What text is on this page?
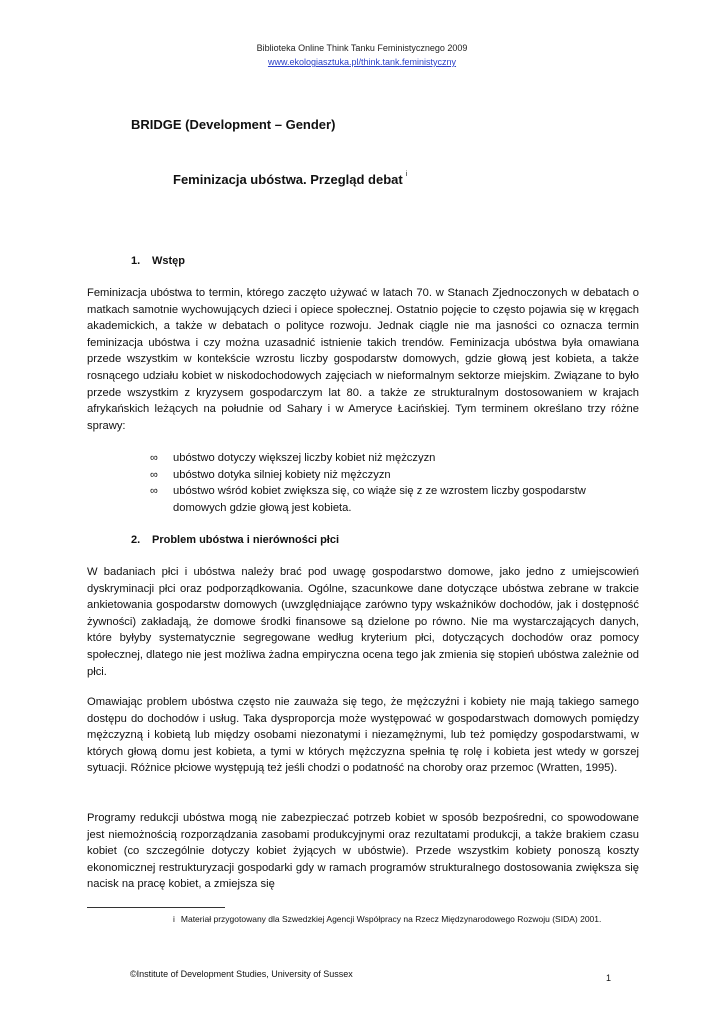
Biblioteka Online Think Tanku Feministycznego 2009
www.ekologiasztuka.pl/think.tank.feministyczny
BRIDGE (Development – Gender)
Feminizacja ubóstwa. Przegląd debat $^i$
1. Wstęp

Feminizacja ubóstwa to termin, którego zaczęto używać w latach 70. w Stanach Zjednoczonych w debatach o matkach samotnie wychowujących dzieci i opiece społecznej. Ostatnio pojęcie to często pojawia się w kręgach akademickich, a także w debatach o polityce rozwoju. Jednak ciągle nie ma jasności co oznacza termin feminizacja ubóstwa i czy można uzasadnić istnienie takich trendów. Feminizacja ubóstwa była omawiana przede wszystkim w kontekście wzrostu liczby gospodarstw domowych, gdzie głową jest kobieta, a także rosnącego udziału kobiet w niskodochodowych zajęciach w nieformalnym sektorze miejskim. Związane to było przede wszystkim z kryzysem gospodarczym lat 80. a także ze strukturalnym dostosowaniem w krajach afrykańskich leżących na południe od Sahary i w Ameryce Łacińskiej. Tym terminem określano trzy różne sprawy:

∞ ubóstwo dotyczy większej liczby kobiet niż mężczyzn
∞ ubóstwo dotyka silniej kobiety niż mężczyzn
∞ ubóstwo wśród kobiet zwiększa się, co wiąże się z ze wzrostem liczby gospodarstw domowych gdzie głową jest kobieta.
2. Problem ubóstwa i nierówności płci

W badaniach płci i ubóstwa należy brać pod uwagę gospodarstwo domowe, jako jedno z umiejscowień dyskryminacji płci oraz podporządkowania. Ogólne, szacunkowe dane dotyczące ubóstwa zebrane w trakcie ankietowania gospodarstw domowych (uwzględniające zarówno typy wskaźników dochodów, jak i dostępność żywności) zakładają, że domowe środki finansowe są dzielone po równo. Nie ma wystarczających danych, które byłyby systematycznie segregowane według kryterium płci, dotyczących dochodów oraz pomocy społecznej, dlatego nie jest możliwa żadna empiryczna ocena tego jak zmienia się stopień ubóstwa zależnie od płci.

Omawiając problem ubóstwa często nie zauważa się tego, że mężczyźni i kobiety nie mają takiego samego dostępu do dochodów i usług. Taka dysproporcja może występować w gospodarstwach domowych pomiędzy mężczyzną i kobietą lub między osobami niezonatymi i niezamężnymi, lub też pomiędzy gospodarstwami, w których głową domu jest kobieta, a tymi w których mężczyzna spełnia tę rolę i kobieta jest wtedy w gorszej sytuacji. Różnice płciowe występują też jeśli chodzi o podatność na choroby oraz przemoc (Wratten, 1995).

Programy redukcji ubóstwa mogą nie zabezpieczać potrzeb kobiet w sposób bezpośredni, co spowodowane jest niemożnością rozporządzania zasobami produkcyjnymi oraz rezultatami produkcji, a także brakiem czasu kobiet (co szczególnie dotyczy kobiet żyjących w ubóstwie). Przede wszystkim kobiety ponoszą koszty ekonomicznej restrukturyzacji gospodarki gdy w ramach programów strukturalnego dostosowania zwiększa się nacisk na pracę kobiet, a zmiejsza się

i Materiał przygotowany dla Szwedzkiej Agencji Współpracy na Rzecz Międzynarodowego Rozwoju (SIDA) 2001.

©Institute of Development Studies, University of Sussex	1
